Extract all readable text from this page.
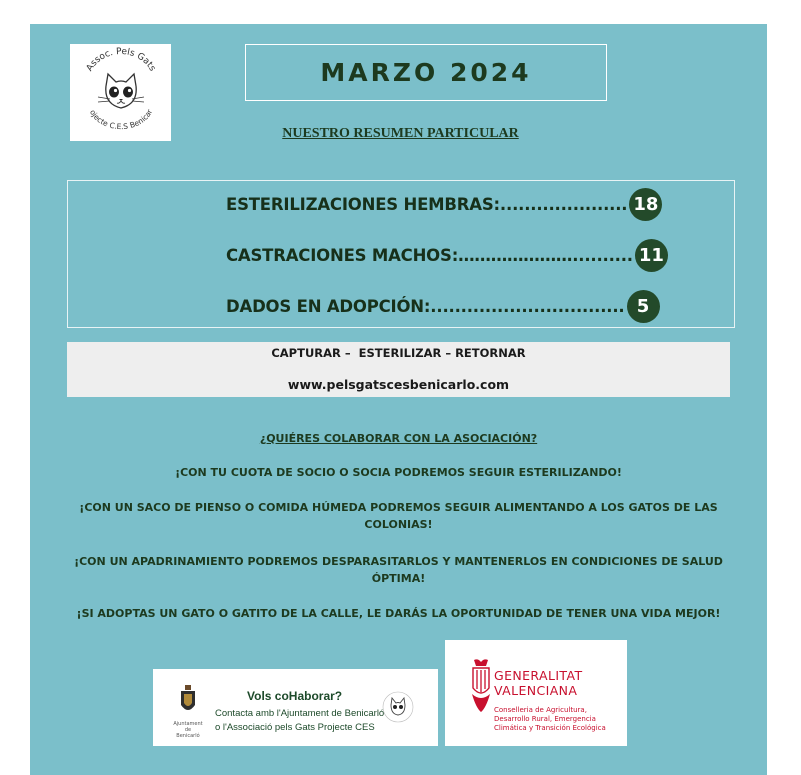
Assoc. Pels Gats
ojecte C.E.S Benicar
MARZO 2024
NUESTRO RESUMEN PARTICULAR
ESTERILIZACIONES HEMBRAS:..................... 18
CASTRACIONES MACHOS:………………….......... 11
DADOS EN ADOPCIÓN:................................ 5
CAPTURAR –  ESTERILIZAR – RETORNAR
www.pelsgatscesbenicarlo.com
¿QUIÉRES COLABORAR CON LA ASOCIACIÓN?
¡CON TU CUOTA DE SOCIO O SOCIA PODREMOS SEGUIR ESTERILIZANDO!
¡CON UN SACO DE PIENSO O COMIDA HÚMEDA PODREMOS SEGUIR ALIMENTANDO A LOS GATOS DE LAS
COLONIAS!
¡CON UN APADRINAMIENTO PODREMOS DESPARASITARLOS Y MANTENERLOS EN CONDICIONES DE SALUD
ÓPTIMA!
¡SI ADOPTAS UN GATO O GATITO DE LA CALLE, LE DARÁS LA OPORTUNIDAD DE TENER UNA VIDA MEJOR!
Ajuntament
de Benicarló
Vols coHaborar?
Contacta amb l'Ajuntament de Benicarló
o l'Associació pels Gats Projecte CES
GENERALITAT
VALENCIANA
Conselleria de Agricultura,
Desarrollo Rural, Emergencia
Climática y Transición Ecológica
